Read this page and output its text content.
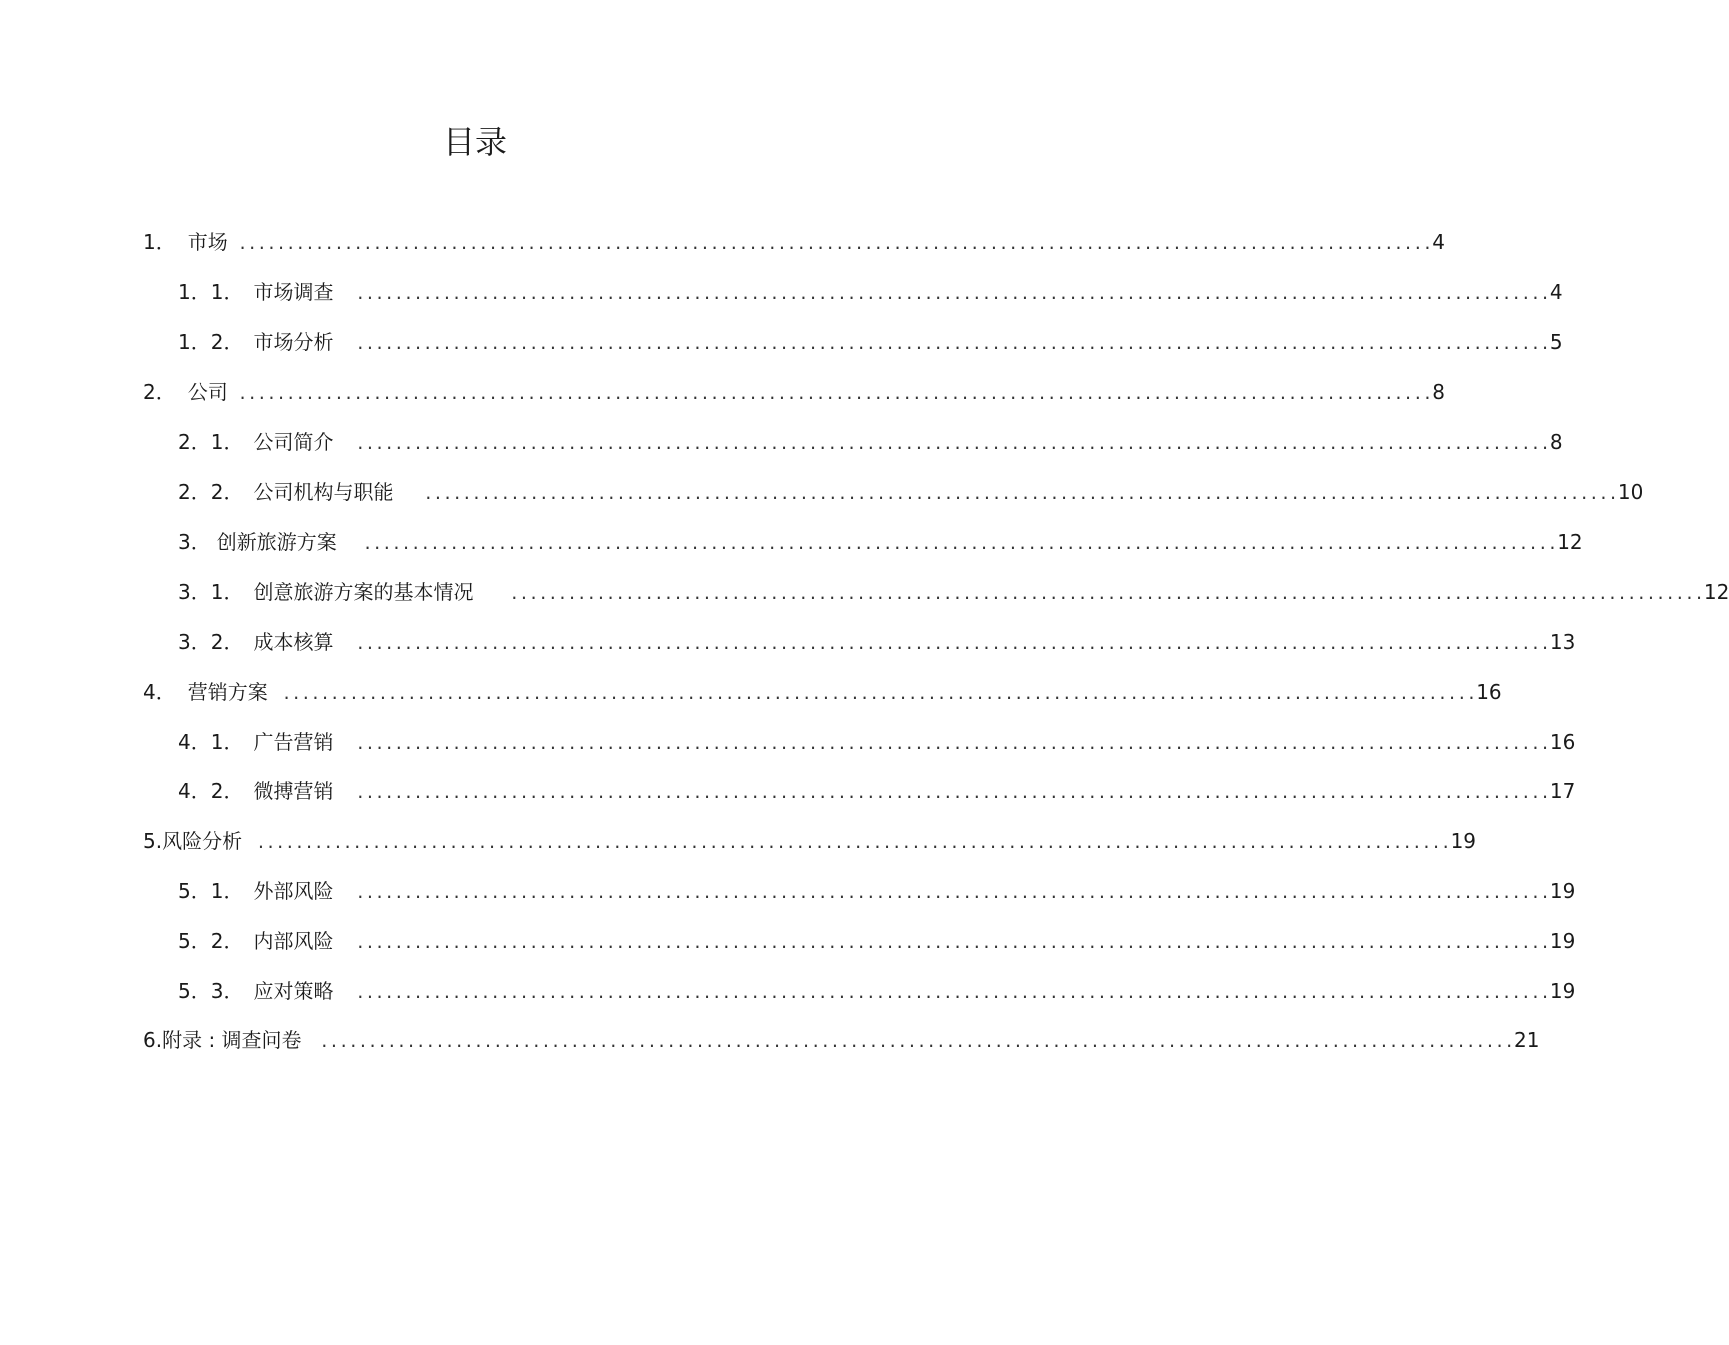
目录
1． 市场 ............................................................................................................................ 4
1．1． 市场调查 ............................................................................................................................ 4
1．2． 市场分析 ............................................................................................................................ 5
2． 公司 ............................................................................................................................ 8
2．1． 公司简介 ............................................................................................................................ 8
2．2． 公司机构与职能 ............................................................................................................................ 10
3． 创新旅游方案 ............................................................................................................................ 12
3．1． 创意旅游方案的基本情况 ............................................................................................................................ 12
3．2． 成本核算 ............................................................................................................................ 13
4． 营销方案 ............................................................................................................................ 16
4．1． 广告营销 ............................................................................................................................ 16
4．2． 微搏营销 ............................................................................................................................ 17
5. 风险分析 ............................................................................................................................ 19
5．1． 外部风险 ............................................................................................................................ 19
5．2． 内部风险 ............................................................................................................................ 19
5．3． 应对策略 ............................................................................................................................ 19
6. 附录 : 调查问卷 ............................................................................................................................ 21
